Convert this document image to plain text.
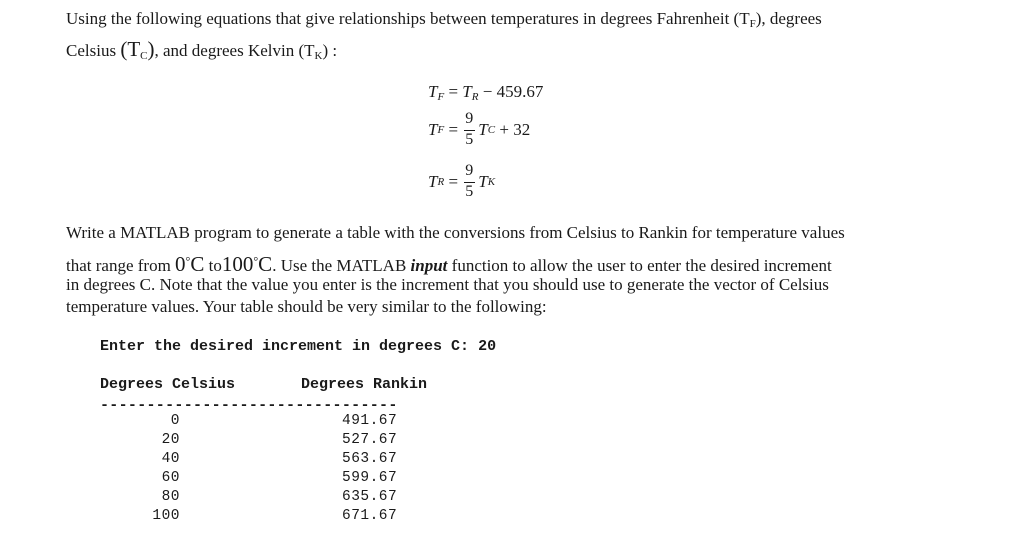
Using the following equations that give relationships between temperatures in degrees Fahrenheit $(T_F)$, degrees
Celsius $(T_C)$, and degrees Kelvin $(T_K)$ :
$T_F = T_R - 459.67$
TF = $\frac{9}{5}$ TC + 32
TR = $\frac{9}{5}$ TK
Write a MATLAB program to generate a table with the conversions from Celsius to Rankin for temperature values
that range from 0°C to100°C. Use the MATLAB input function to allow the user to enter the desired increment
in degrees C. Note that the value you enter is the increment that you should use to generate the vector of Celsius
temperature values. Your table should be very similar to the following:
Enter the desired increment in degrees C: 20
Degrees Celsius	Degrees Rankin
--------------------------------
0	491.67
20	527.67
40	563.67
60	599.67
80	635.67
100	671.67
